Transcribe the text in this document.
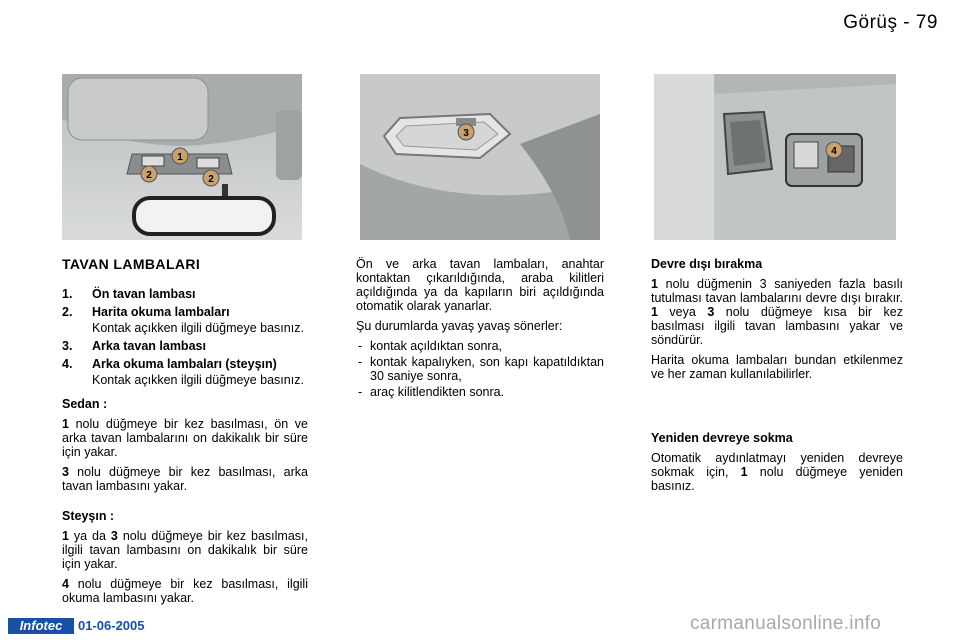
Görüş - 79
1
2	2
3
4
TAVAN LAMBALARI
1. Ön tavan lambası
2. Harita okuma lambaları
Kontak açıkken ilgili düğmeye basınız.
3. Arka tavan lambası
4. Arka okuma lambaları (steyşın)
Kontak açıkken ilgili düğmeye basınız.
Sedan :

1 nolu düğmeye bir kez basılması, ön ve arka tavan lambalarını on dakikalık bir süre için yakar.

3 nolu düğmeye bir kez basılması, arka tavan lambasını yakar.

Steyşın :

1 ya da 3 nolu düğmeye bir kez basılması, ilgili tavan lambasını on dakikalık bir süre için yakar.

4 nolu düğmeye bir kez basılması, ilgili okuma lambasını yakar.

Ön ve arka tavan lambaları, anahtar kontaktan çıkarıldığında, araba kilitleri açıldığında ya da kapıların biri açıldığında otomatik olarak yanarlar.

Şu durumlarda yavaş yavaş sönerler:

- kontak açıldıktan sonra,
- kontak kapalıyken, son kapı kapatıldıktan 30 saniye sonra,
- araç kilitlendikten sonra.
Devre dışı bırakma

1 nolu düğmenin 3 saniyeden fazla basılı tutulması tavan lambalarını devre dışı bırakır. 1 veya 3 nolu düğmeye kısa bir kez basılması ilgili tavan lambasını yakar ve söndürür.

Harita okuma lambaları bundan etkilenmez ve her zaman kullanılabilirler.

Yeniden devreye sokma

Otomatik aydınlatmayı yeniden devreye sokmak için, 1 nolu düğmeye yeniden basınız.

Infotec	01-06-2005	carmanualsonline.info
